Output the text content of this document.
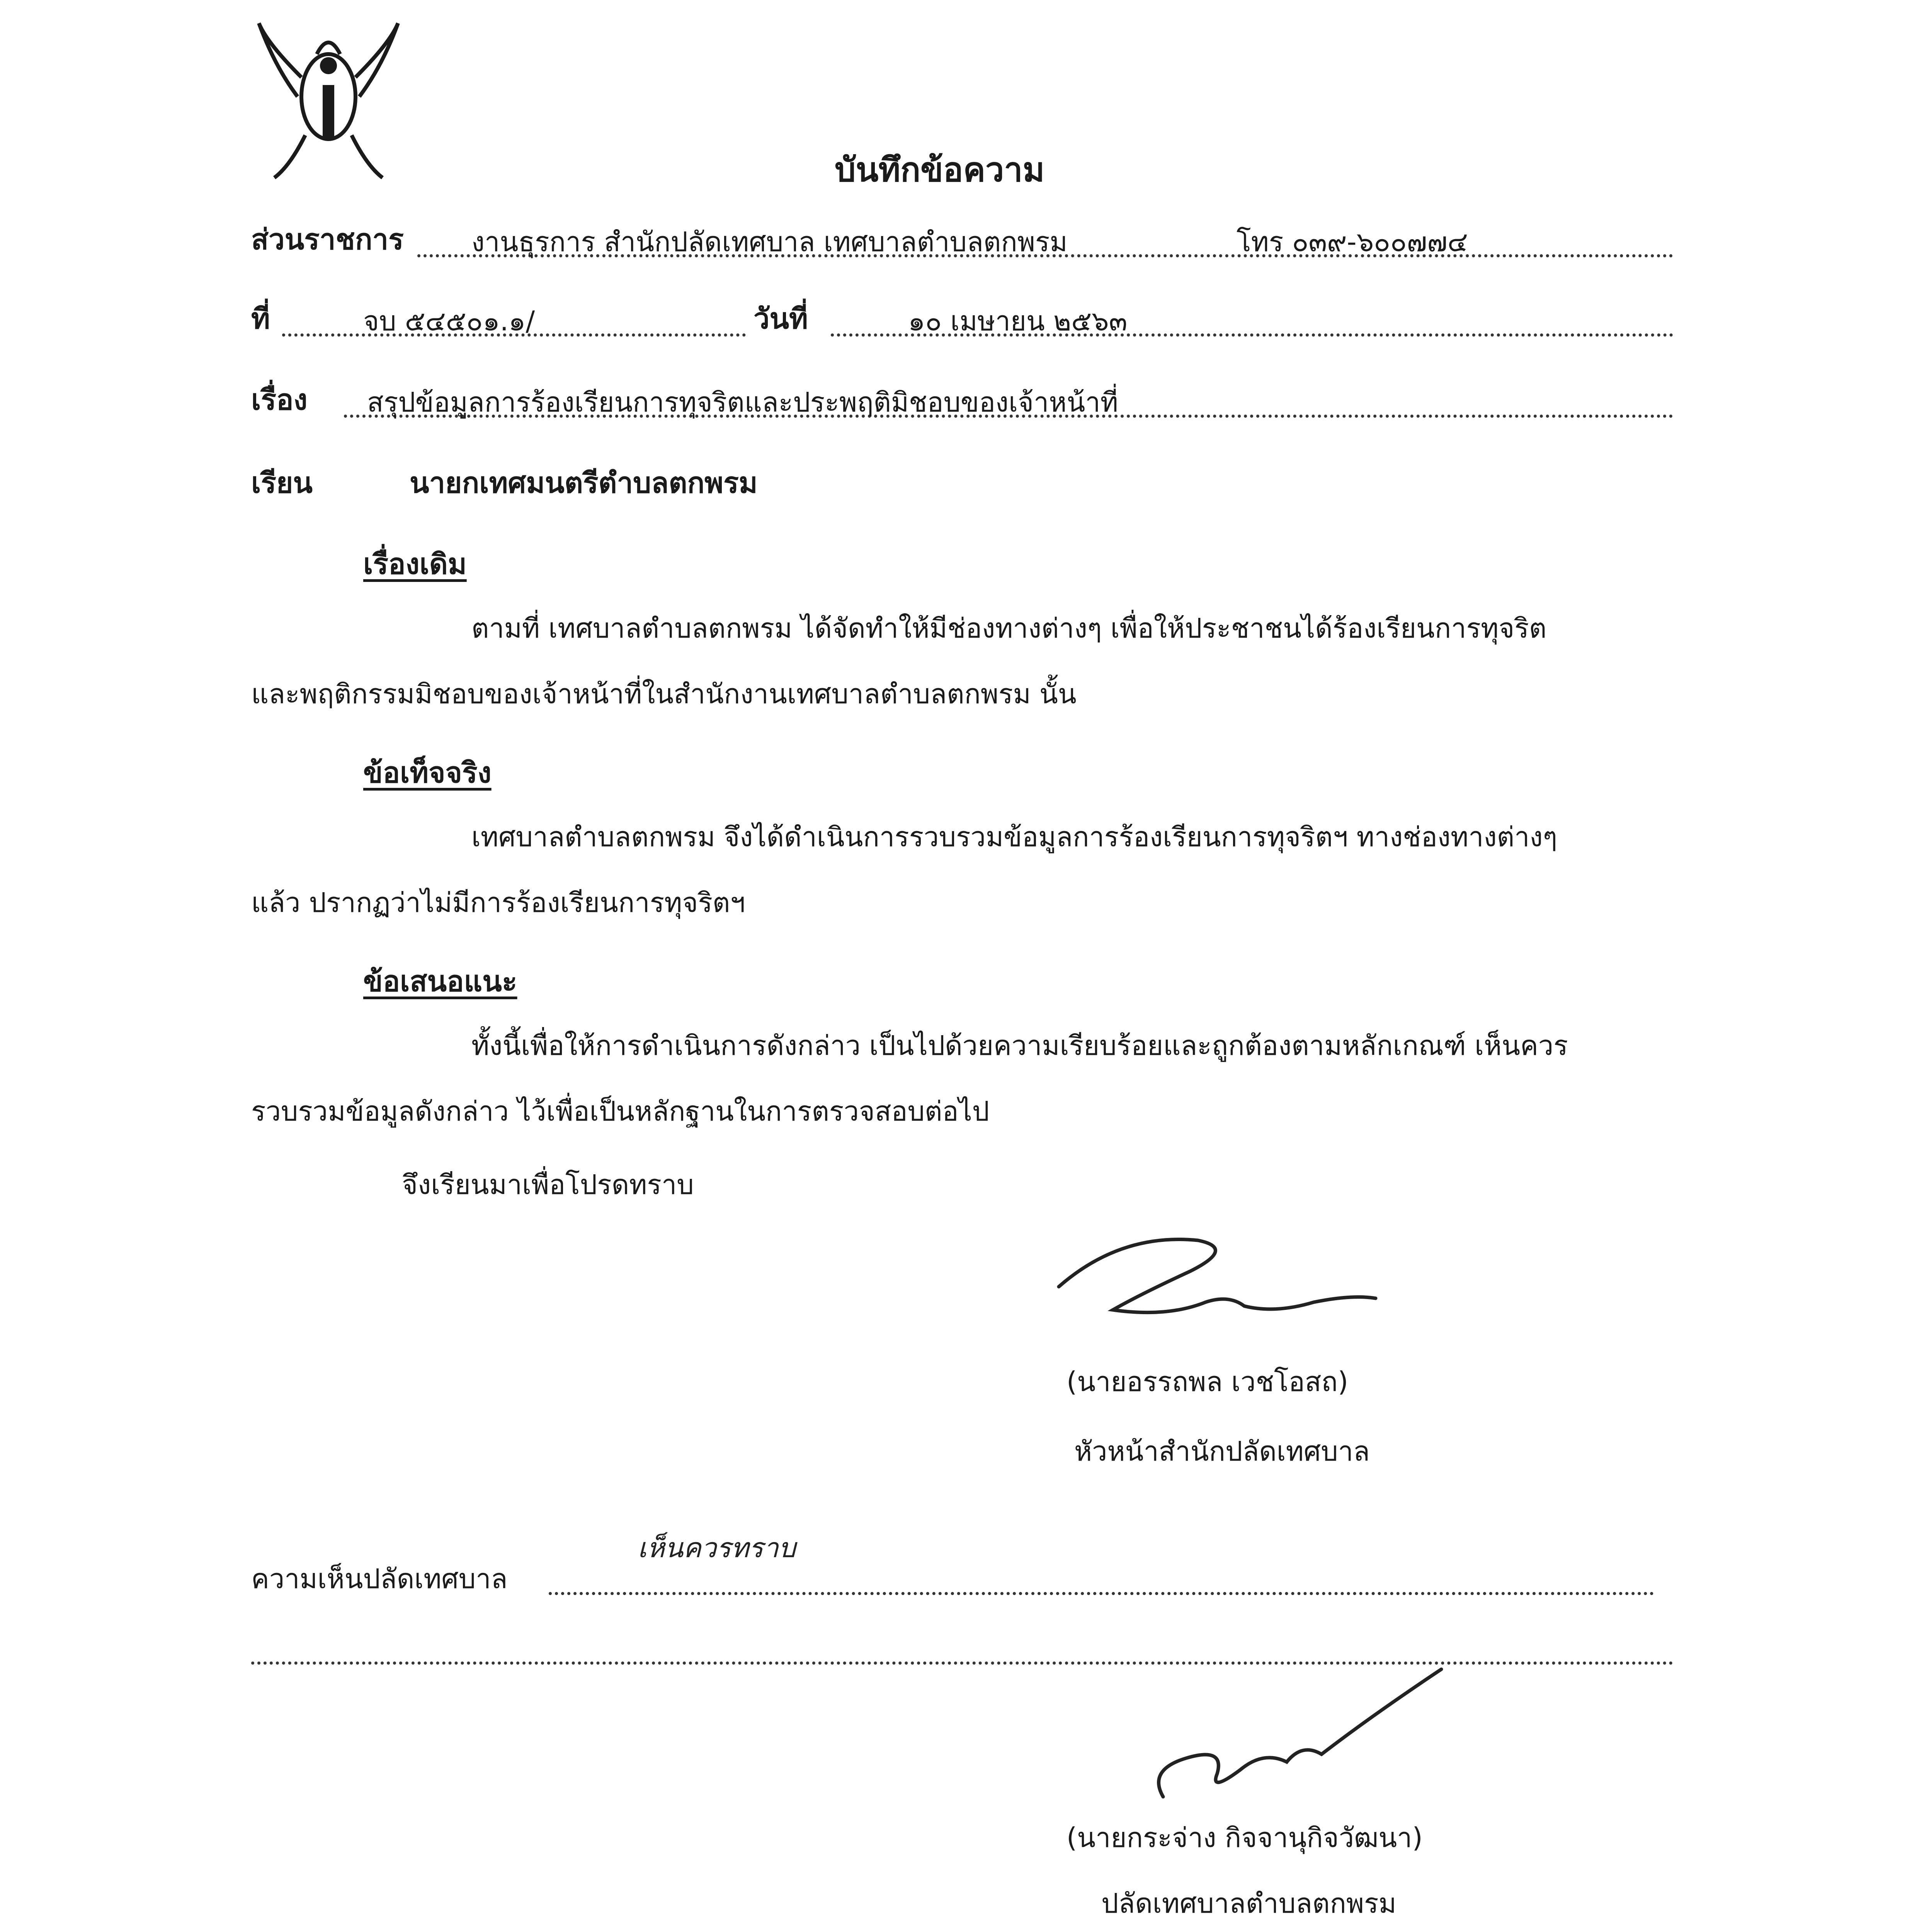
บันทึกข้อความ
ส่วนราชการ	งานธุรการ สำนักปลัดเทศบาล เทศบาลตำบลตกพรม	โทร ๐๓๙-๖๐๐๗๗๔
ที่	จบ ๕๔๕๐๑.๑/	วันที่	๑๐ เมษายน ๒๕๖๓
เรื่อง สรุปข้อมูลการร้องเรียนการทุจริตและประพฤติมิชอบของเจ้าหน้าที่
เรียน	นายกเทศมนตรีตำบลตกพรม
เรื่องเดิม
ตามที่ เทศบาลตำบลตกพรม ได้จัดทำให้มีช่องทางต่างๆ เพื่อให้ประชาชนได้ร้องเรียนการทุจริต
และพฤติกรรมมิชอบของเจ้าหน้าที่ในสำนักงานเทศบาลตำบลตกพรม นั้น
ข้อเท็จจริง
เทศบาลตำบลตกพรม จึงได้ดำเนินการรวบรวมข้อมูลการร้องเรียนการทุจริตฯ ทางช่องทางต่างๆ
แล้ว ปรากฏว่าไม่มีการร้องเรียนการทุจริตฯ
ข้อเสนอแนะ
ทั้งนี้เพื่อให้การดำเนินการดังกล่าว เป็นไปด้วยความเรียบร้อยและถูกต้องตามหลักเกณฑ์ เห็นควร
รวบรวมข้อมูลดังกล่าว ไว้เพื่อเป็นหลักฐานในการตรวจสอบต่อไป
จึงเรียนมาเพื่อโปรดทราบ
(นายอรรถพล เวชโอสถ)
หัวหน้าสำนักปลัดเทศบาล
ความเห็นปลัดเทศบาล
เห็นควรทราบ
(นายกระจ่าง กิจจานุกิจวัฒนา)
ปลัดเทศบาลตำบลตกพรม
